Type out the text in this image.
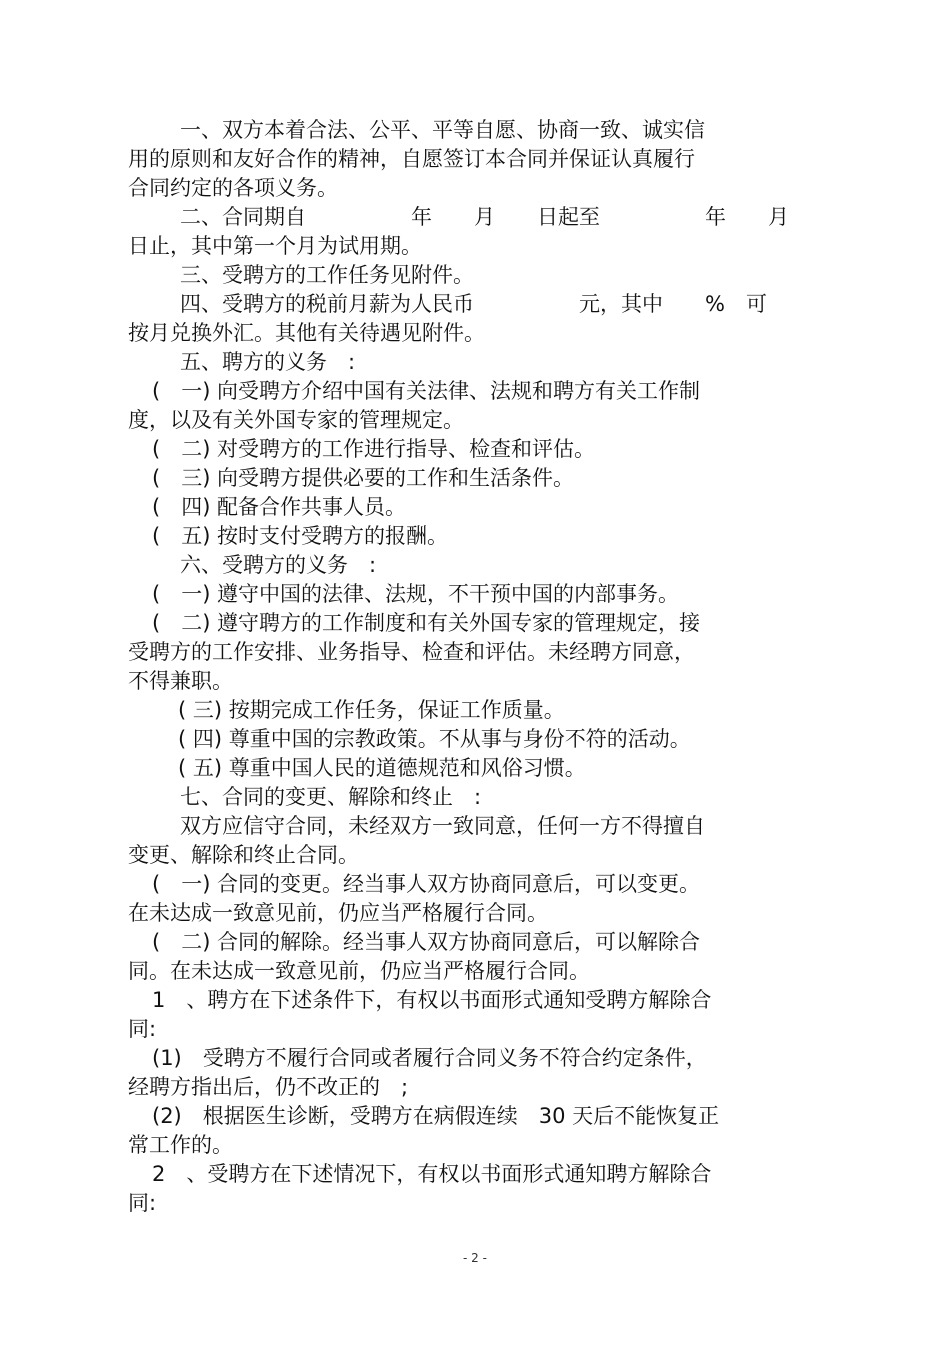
一、双方本着合法、公平、平等自愿、协商一致、诚实信

用的原则和友好合作的精神，自愿签订本合同并保证认真履行

合同约定的各项义务。

二、合同期自　　　　　年　　月　　日起至　　　　　年　　月

日止，其中第一个月为试用期。

三、受聘方的工作任务见附件。

四、受聘方的税前月薪为人民币　　　　　元，其中　　%　可

按月兑换外汇。其他有关待遇见附件。

五、聘方的义务　:

(　一) 向受聘方介绍中国有关法律、法规和聘方有关工作制

度，以及有关外国专家的管理规定。

(　二) 对受聘方的工作进行指导、检查和评估。

(　三) 向受聘方提供必要的工作和生活条件。

(　四) 配备合作共事人员。

(　五) 按时支付受聘方的报酬。

六、受聘方的义务　:

(　一) 遵守中国的法律、法规，不干预中国的内部事务。

(　二) 遵守聘方的工作制度和有关外国专家的管理规定，接

受聘方的工作安排、业务指导、检查和评估。未经聘方同意，

不得兼职。

( 三) 按期完成工作任务，保证工作质量。

( 四) 尊重中国的宗教政策。不从事与身份不符的活动。

( 五) 尊重中国人民的道德规范和风俗习惯。

七、合同的变更、解除和终止　:

双方应信守合同，未经双方一致同意，任何一方不得擅自

变更、解除和终止合同。

(　一) 合同的变更。经当事人双方协商同意后，可以变更。

在未达成一致意见前，仍应当严格履行合同。

(　二) 合同的解除。经当事人双方协商同意后，可以解除合

同。在未达成一致意见前，仍应当严格履行合同。

1　、聘方在下述条件下，有权以书面形式通知受聘方解除合

同:

(1)　受聘方不履行合同或者履行合同义务不符合约定条件，

经聘方指出后，仍不改正的　;

(2)　根据医生诊断，受聘方在病假连续　30 天后不能恢复正

常工作的。

2　、受聘方在下述情况下，有权以书面形式通知聘方解除合

同:

- 2 -
